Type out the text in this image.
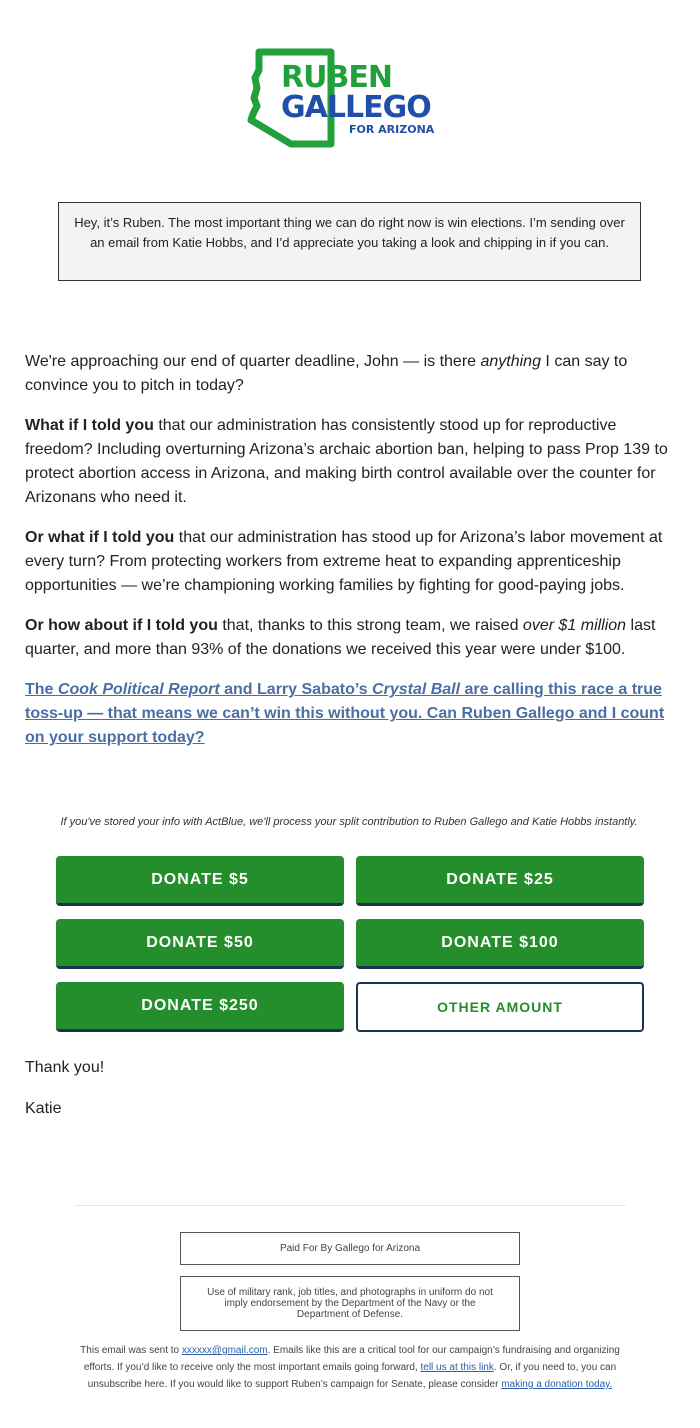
RUBEN
GALLEGO
FOR ARIZONA
Hey, it’s Ruben. The most important thing we can do right now is win elections. I’m sending over an email from Katie Hobbs, and I’d appreciate you taking a look and chipping in if you can.

We're approaching our end of quarter deadline, John — is there anything I can say to convince you to pitch in today?

What if I told you that our administration has consistently stood up for reproductive freedom? Including overturning Arizona’s archaic abortion ban, helping to pass Prop 139 to protect abortion access in Arizona, and making birth control available over the counter for Arizonans who need it.

Or what if I told you that our administration has stood up for Arizona’s labor movement at every turn? From protecting workers from extreme heat to expanding apprenticeship opportunities — we’re championing working families by fighting for good-paying jobs.

Or how about if I told you that, thanks to this strong team, we raised over $1 million last quarter, and more than 93% of the donations we received this year were under $100.

The Cook Political Report and Larry Sabato’s Crystal Ball are calling this race a true toss-up — that means we can’t win this without you. Can Ruben Gallego and I count on your support today?

If you've stored your info with ActBlue, we'll process your split contribution to Ruben Gallego and Katie Hobbs instantly.
DONATE $5	DONATE $25
DONATE $50	DONATE $100
DONATE $250	OTHER AMOUNT

Thank you!

Katie

Paid For By Gallego for Arizona
Use of military rank, job titles, and photographs in uniform do not imply endorsement by the Department of the Navy or the Department of Defense.
This email was sent to xxxxxx@gmail.com. Emails like this are a critical tool for our campaign’s fundraising and organizing efforts. If you’d like to receive only the most important emails going forward, tell us at this link. Or, if you need to, you can unsubscribe here. If you would like to support Ruben’s campaign for Senate, please consider making a donation today.
